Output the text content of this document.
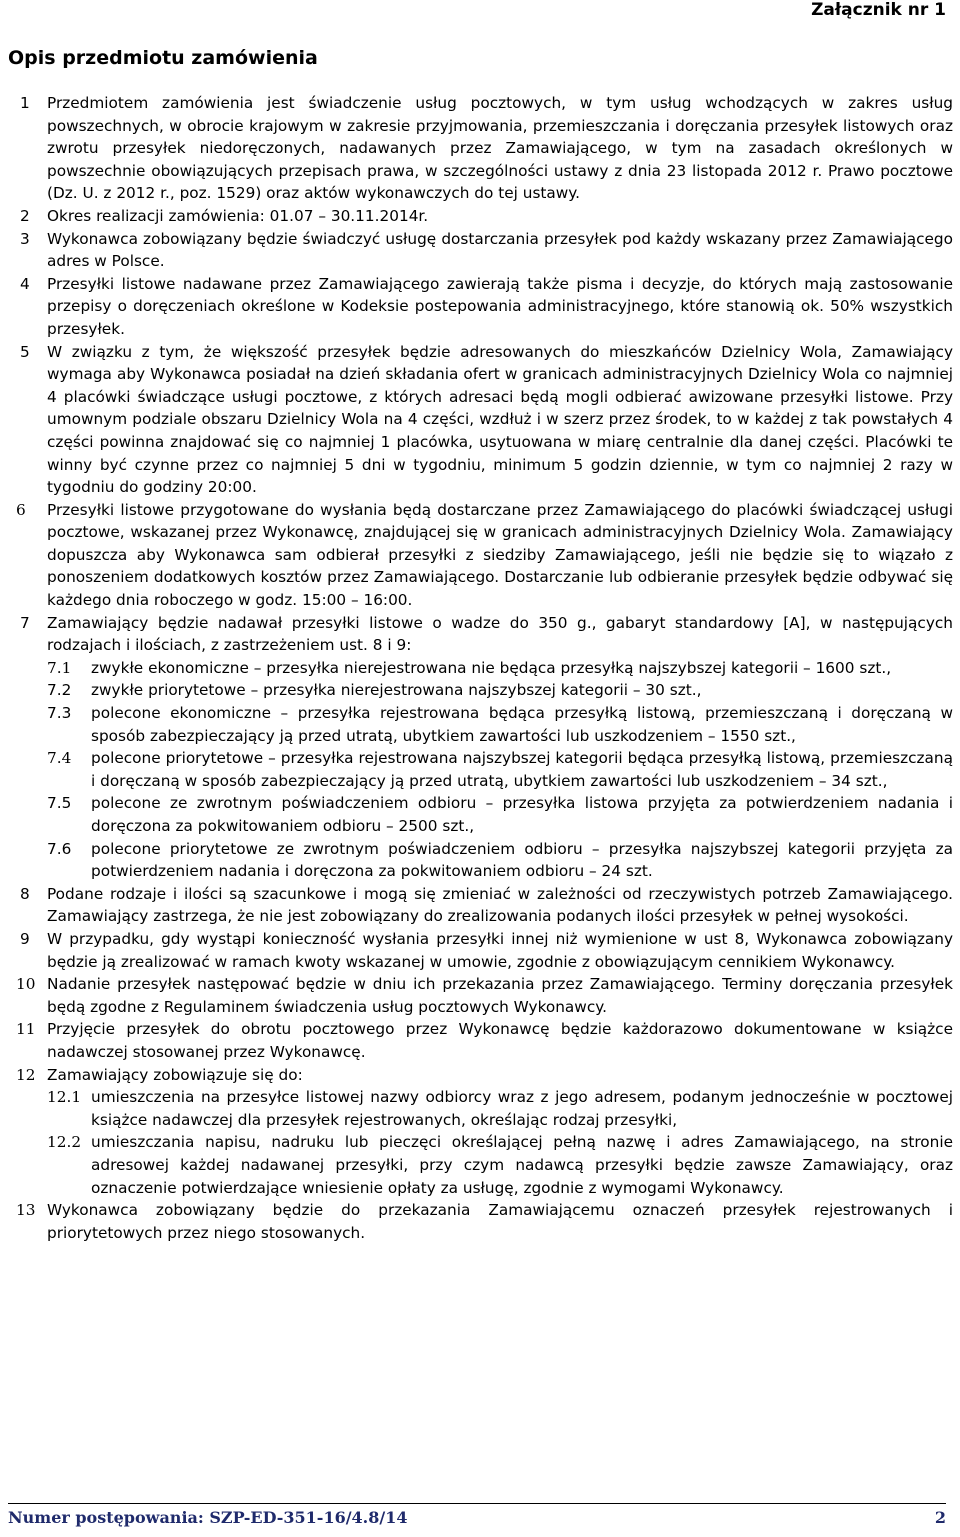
Załącznik nr 1
Opis przedmiotu zamówienia
1 Przedmiotem zamówienia jest świadczenie usług pocztowych, w tym usług wchodzących w zakres usług powszechnych, w obrocie krajowym w zakresie przyjmowania, przemieszczania i doręczania przesyłek listowych oraz zwrotu przesyłek niedoręczonych, nadawanych przez Zamawiającego, w tym na zasadach określonych w powszechnie obowiązujących przepisach prawa, w szczególności ustawy z dnia 23 listopada 2012 r. Prawo pocztowe (Dz. U. z 2012 r., poz. 1529) oraz aktów wykonawczych do tej ustawy.
2 Okres realizacji zamówienia: 01.07 – 30.11.2014r.
3 Wykonawca zobowiązany będzie świadczyć usługę dostarczania przesyłek pod każdy wskazany przez Zamawiającego adres w Polsce.
4 Przesyłki listowe nadawane przez Zamawiającego zawierają także pisma i decyzje, do których mają zastosowanie przepisy o doręczeniach określone w Kodeksie postepowania administracyjnego, które stanowią ok. 50% wszystkich przesyłek.
5 W związku z tym, że większość przesyłek będzie adresowanych do mieszkańców Dzielnicy Wola, Zamawiający wymaga aby Wykonawca posiadał na dzień składania ofert w granicach administracyjnych Dzielnicy Wola co najmniej 4 placówki świadczące usługi pocztowe, z których adresaci będą mogli odbierać awizowane przesyłki listowe. Przy umownym podziale obszaru Dzielnicy Wola na 4 części, wzdłuż i w szerz przez środek, to w każdej z tak powstałych 4 części powinna znajdować się co najmniej 1 placówka, usytuowana w miarę centralnie dla danej części. Placówki te winny być czynne przez co najmniej 5 dni w tygodniu, minimum 5 godzin dziennie, w tym co najmniej 2 razy w tygodniu do godziny 20:00.
6 Przesyłki listowe przygotowane do wysłania będą dostarczane przez Zamawiającego do placówki świadczącej usługi pocztowe, wskazanej przez Wykonawcę, znajdującej się w granicach administracyjnych Dzielnicy Wola. Zamawiający dopuszcza aby Wykonawca sam odbierał przesyłki z siedziby Zamawiającego, jeśli nie będzie się to wiązało z ponoszeniem dodatkowych kosztów przez Zamawiającego. Dostarczanie lub odbieranie przesyłek będzie odbywać się każdego dnia roboczego w godz. 15:00 – 16:00.
7 Zamawiający będzie nadawał przesyłki listowe o wadze do 350 g., gabaryt standardowy [A], w następujących rodzajach i ilościach, z zastrzeżeniem ust. 8 i 9:
7.1 zwykłe ekonomiczne – przesyłka nierejestrowana nie będąca przesyłką najszybszej kategorii – 1600 szt.,
7.2 zwykłe priorytetowe – przesyłka nierejestrowana najszybszej kategorii – 30 szt.,
7.3 polecone ekonomiczne – przesyłka rejestrowana będąca przesyłką listową, przemieszczaną i doręczaną w sposób zabezpieczający ją przed utratą, ubytkiem zawartości lub uszkodzeniem – 1550 szt.,
7.4 polecone priorytetowe – przesyłka rejestrowana najszybszej kategorii będąca przesyłką listową, przemieszczaną i doręczaną w sposób zabezpieczający ją przed utratą, ubytkiem zawartości lub uszkodzeniem – 34 szt.,
7.5 polecone ze zwrotnym poświadczeniem odbioru – przesyłka listowa przyjęta za potwierdzeniem nadania i doręczona za pokwitowaniem odbioru – 2500 szt.,
7.6 polecone priorytetowe ze zwrotnym poświadczeniem odbioru – przesyłka najszybszej kategorii przyjęta za potwierdzeniem nadania i doręczona za pokwitowaniem odbioru – 24 szt.
8 Podane rodzaje i ilości są szacunkowe i mogą się zmieniać w zależności od rzeczywistych potrzeb Zamawiającego. Zamawiający zastrzega, że nie jest zobowiązany do zrealizowania podanych ilości przesyłek w pełnej wysokości.
9 W przypadku, gdy wystąpi konieczność wysłania przesyłki innej niż wymienione w ust 8, Wykonawca zobowiązany będzie ją zrealizować w ramach kwoty wskazanej w umowie, zgodnie z obowiązującym cennikiem Wykonawcy.
10 Nadanie przesyłek następować będzie w dniu ich przekazania przez Zamawiającego. Terminy doręczania przesyłek będą zgodne z Regulaminem świadczenia usług pocztowych Wykonawcy.
11 Przyjęcie przesyłek do obrotu pocztowego przez Wykonawcę będzie każdorazowo dokumentowane w książce nadawczej stosowanej przez Wykonawcę.
12 Zamawiający zobowiązuje się do:
12.1 umieszczenia na przesyłce listowej nazwy odbiorcy wraz z jego adresem, podanym jednocześnie w pocztowej książce nadawczej dla przesyłek rejestrowanych, określając rodzaj przesyłki,
12.2 umieszczania napisu, nadruku lub pieczęci określającej pełną nazwę i adres Zamawiającego, na stronie adresowej każdej nadawanej przesyłki, przy czym nadawcą przesyłki będzie zawsze Zamawiający, oraz oznaczenie potwierdzające wniesienie opłaty za usługę, zgodnie z wymogami Wykonawcy.
13 Wykonawca zobowiązany będzie do przekazania Zamawiającemu oznaczeń przesyłek rejestrowanych i priorytetowych przez niego stosowanych.
Numer postępowania: SZP-ED-351-16/4.8/14	2
